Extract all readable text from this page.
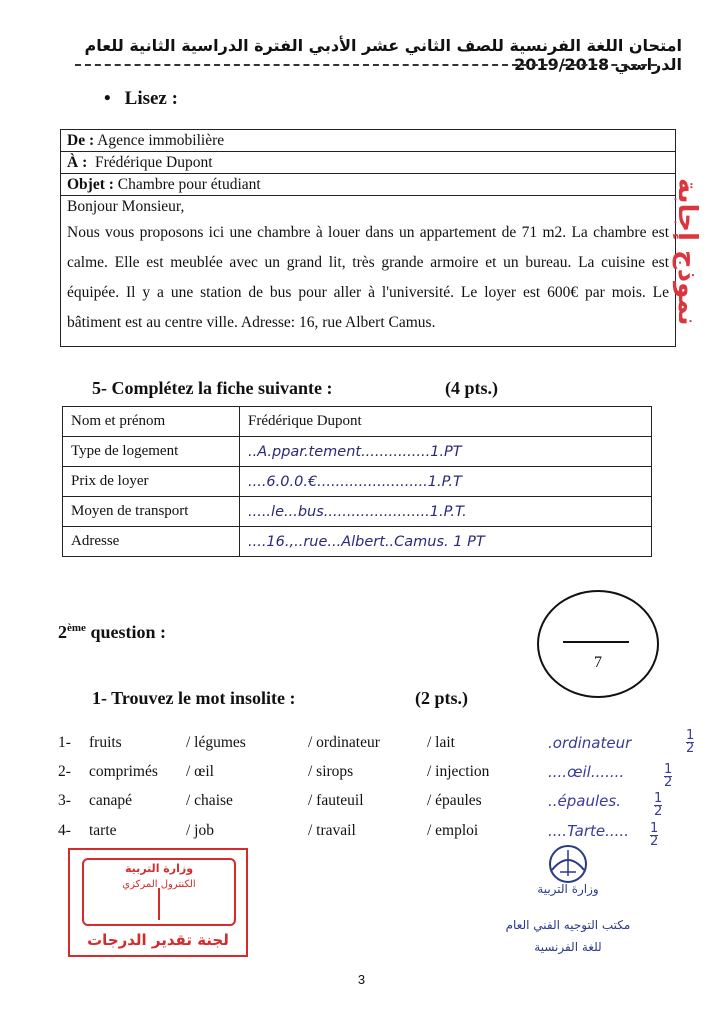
امتحان اللغة الفرنسية للصف الثاني عشر الأدبي الفترة الدراسية الثانية للعام الدراسي 2019/2018
• Lisez :
De : Agence immobilière
À : Frédérique Dupont
Objet : Chambre pour étudiant
Bonjour Monsieur,
Nous vous proposons ici une chambre à louer dans un appartement de 71 m2. La chambre est calme. Elle est meublée avec un grand lit, très grande armoire et un bureau. La cuisine est équipée. Il y a une station de bus pour aller à l'université. Le loyer est 600€ par mois. Le bâtiment est au centre ville. Adresse: 16, rue Albert Camus.	نموذج إجابة
5- Complétez la fiche suivante :	(4 pts.)
Nom et prénom	Frédérique Dupont
Type de logement	..A.ppar.tement...............1.PT
Prix de loyer	....6.0.0.€........................1.P.T
Moyen de transport	.....le...bus.......................1.P.T.
Adresse	....16.,..rue...Albert..Camus. 1 PT
7
2ème question :
1- Trouvez le mot insolite :	(2 pts.)
1- fruits	/ légumes	/ ordinateur	/ lait	.ordinateur	$\frac{1}{2}$
2- comprimés / œil	/ sirops	/ injection	....œil.......	$\frac{1}{2}$
3- canapé	/ chaise	/ fauteuil	/ épaules	..épaules.	$\frac{1}{2}$
4- tarte	/ job	/ travail	/ emploi	....Tarte..... $\frac{1}{2}$
وزارة التربية
الكنترول المركزي
لجنة تقدير الدرجات
وزارة التربية
مكتب التوجيه الفني العام
للغة الفرنسية
3
